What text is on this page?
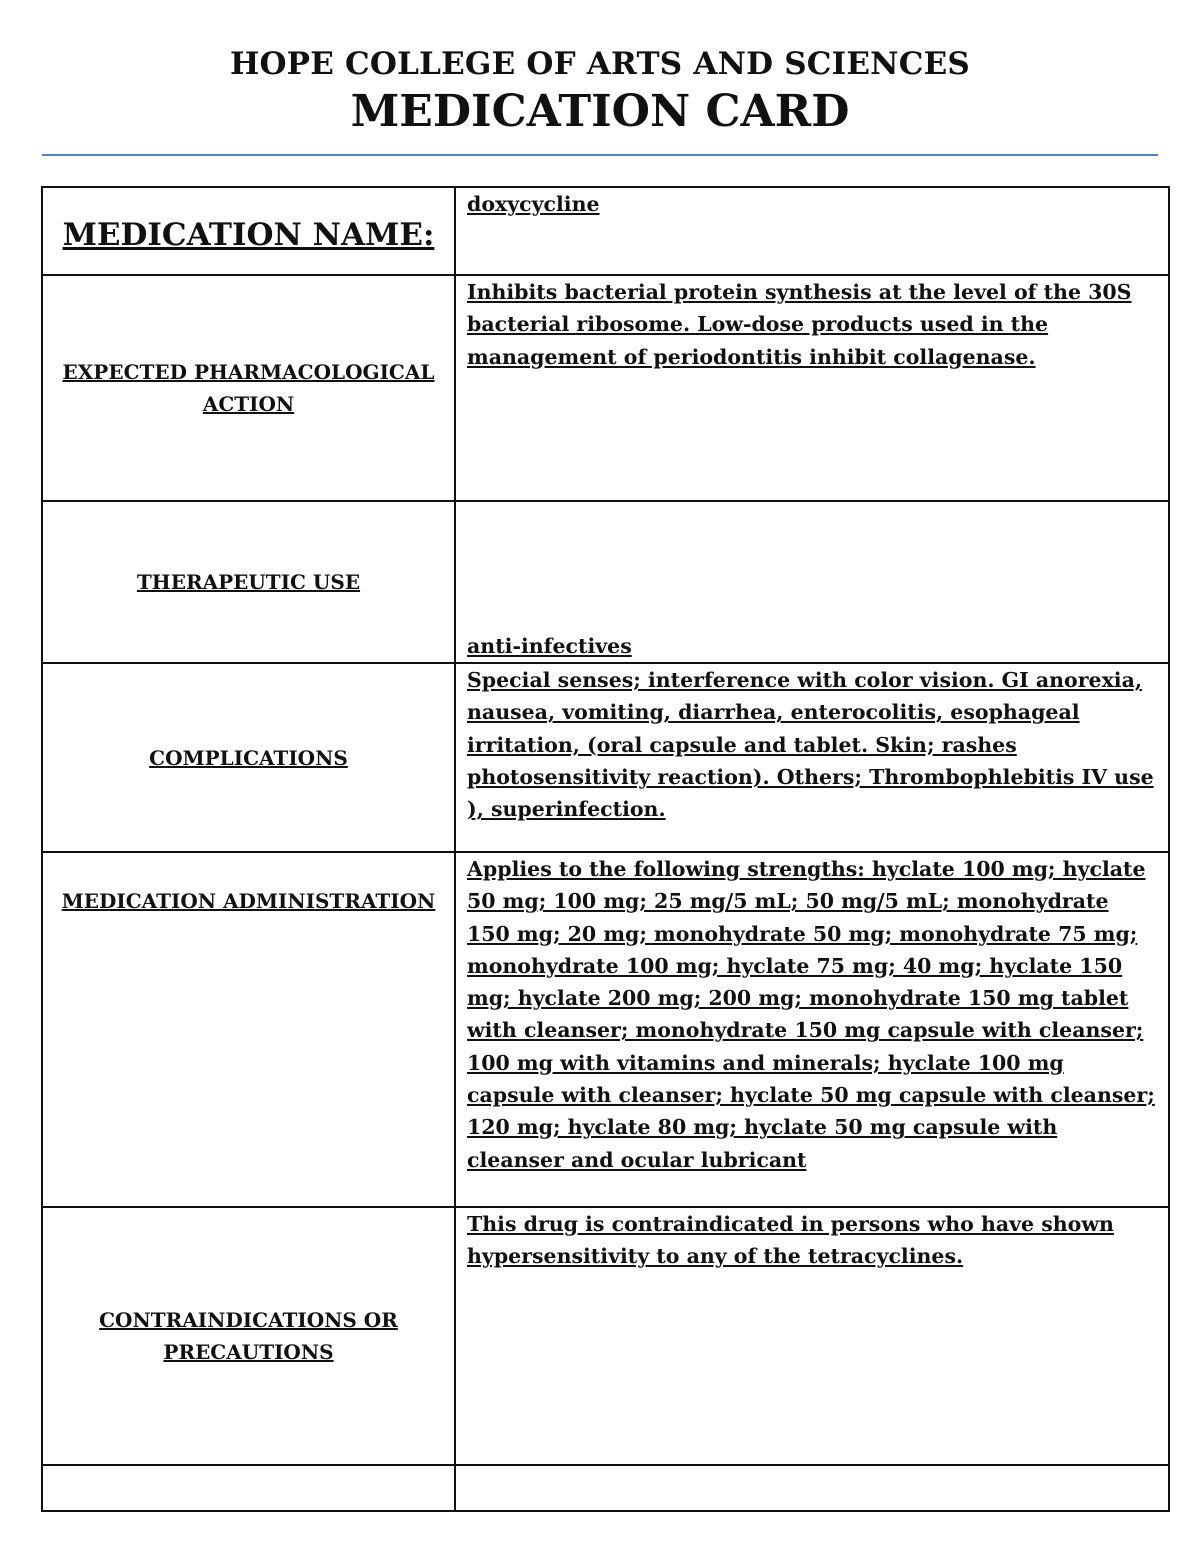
HOPE COLLEGE OF ARTS AND SCIENCES
MEDICATION CARD
MEDICATION NAME:	doxycycline

EXPECTED PHARMACOLOGICAL ACTION	Inhibits bacterial protein synthesis at the level of the 30S bacterial ribosome. Low-dose products used in the management of periodontitis inhibit collagenase.

THERAPEUTIC USE	anti-infectives

COMPLICATIONS	Special senses; interference with color vision. GI anorexia, nausea, vomiting, diarrhea, enterocolitis, esophageal irritation, (oral capsule and tablet. Skin; rashes photosensitivity reaction). Others; Thrombophlebitis IV use ), superinfection.

MEDICATION ADMINISTRATION	Applies to the following strengths: hyclate 100 mg; hyclate 50 mg; 100 mg; 25 mg/5 mL; 50 mg/5 mL; monohydrate 150 mg; 20 mg; monohydrate 50 mg; monohydrate 75 mg; monohydrate 100 mg; hyclate 75 mg; 40 mg; hyclate 150 mg; hyclate 200 mg; 200 mg; monohydrate 150 mg tablet with cleanser; monohydrate 150 mg capsule with cleanser; 100 mg with vitamins and minerals; hyclate 100 mg capsule with cleanser; hyclate 50 mg capsule with cleanser; 120 mg; hyclate 80 mg; hyclate 50 mg capsule with cleanser and ocular lubricant

CONTRAINDICATIONS OR PRECAUTIONS	This drug is contraindicated in persons who have shown hypersensitivity to any of the tetracyclines.
